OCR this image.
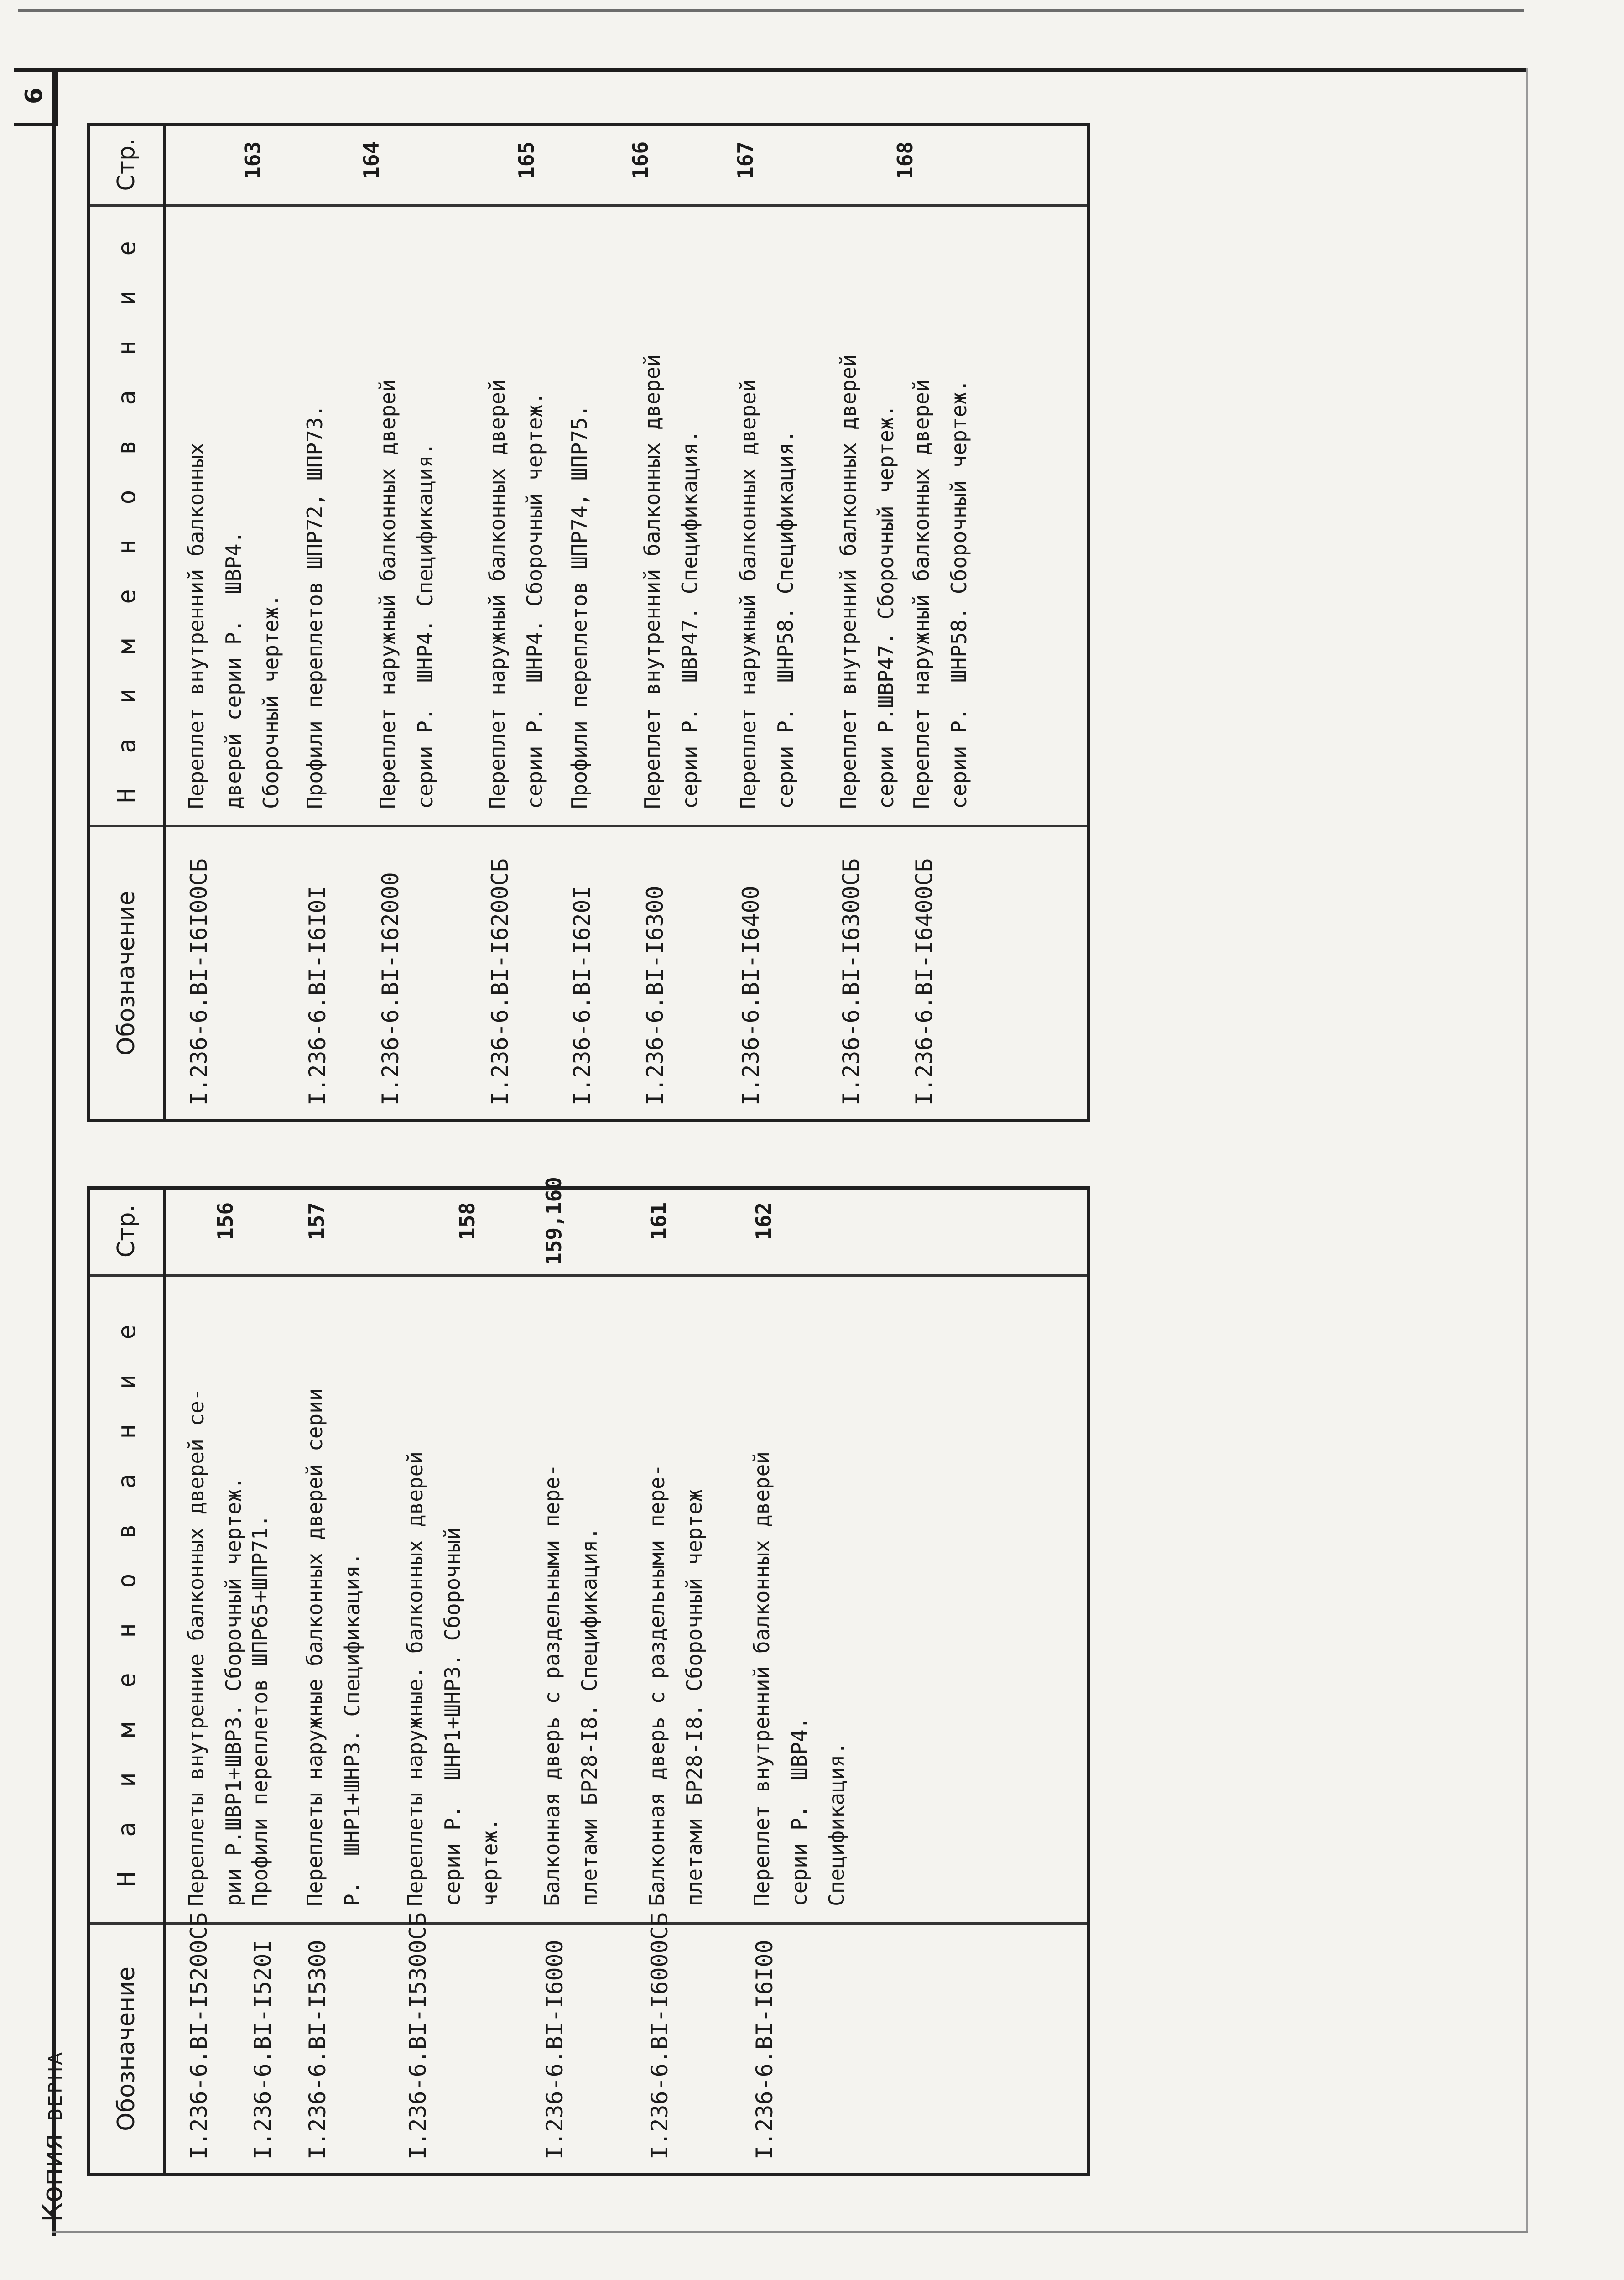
6
КопияВЕРНА	Обозначение
Н а и м е н о в а н и е
Стр.
I.236-6.BI-I5200СБ
Переплеты внутренние балконных дверей се- рии Р.ШВР1+ШВР3. Сборочный чертеж.
156
I.236-6.BI-I520I
Профили переплетов ШПР65+ШПР71.
I.236-6.BI-I5300
Переплеты наружные балконных дверей серии Р.  ШНР1+ШНР3. Спецификация.
157
I.236-6.BI-I5300СБ
Переплеты наружные. балконных дверей серии Р.  ШНР1+ШНР3. Сборочный чертеж.
158
I.236-6.BI-I6000
Балконная дверь с раздельными пере- плетами БР28-I8. Спецификация.
159,160
I.236-6.BI-I6000СБ
Балконная дверь с раздельными пере- плетами БР28-I8. Сборочный чертеж
161
I.236-6.BI-I6I00
Переплет внутренний балконных дверей серии Р.  ШВР4. Спецификация.
162
Обозначение
Н а и м е н о в а н и е
Стр.
I.236-6.BI-I6I00СБ
Переплет внутренний балконных дверей серии Р.  ШВР4. Сборочный чертеж.
163
I.236-6.BI-I6I0I
Профили переплетов ШПР72, ШПР73.
I.236-6.BI-I62000
Переплет наружный балконных дверей серии Р.  ШНР4. Спецификация.
164
I.236-6.BI-I6200СБ
Переплет наружный балконных дверей серии Р.  ШНР4. Сборочный чертеж.
165
I.236-6.BI-I620I
Профили переплетов ШПР74, ШПР75.
I.236-6.BI-I6300
Переплет внутренний балконных дверей серии Р.  ШВР47. Спецификация.
166
I.236-6.BI-I6400
Переплет наружный балконных дверей серии Р.  ШНР58. Спецификация.
167
I.236-6.BI-I6300СБ
Переплет внутренний балконных дверей серии Р.ШВР47. Сборочный чертеж.
I.236-6.BI-I6400СБ
Переплет наружный балконных дверей серии Р.  ШНР58. Сборочный чертеж.
168
